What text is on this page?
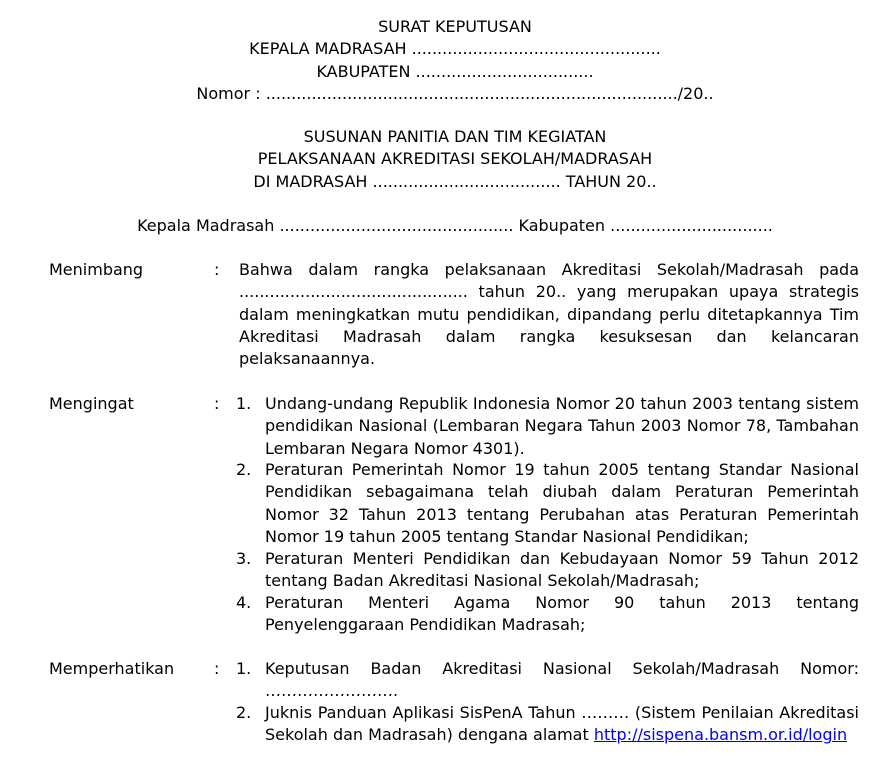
SURAT KEPUTUSAN
KEPALA MADRASAH .................................................
KABUPATEN ...................................
Nomor : ................................................................................./20..
SUSUNAN PANITIA DAN TIM KEGIATAN
PELAKSANAAN AKREDITASI SEKOLAH/MADRASAH
DI MADRASAH ..................................... TAHUN 20..
Kepala Madrasah .............................................. Kabupaten ................................
Menimbang	: Bahwa dalam rangka pelaksanaan Akreditasi Sekolah/Madrasah pada ............................................. tahun 20.. yang merupakan upaya strategis dalam meningkatkan mutu pendidikan, dipandang perlu ditetapkannya Tim Akreditasi Madrasah dalam rangka kesuksesan dan kelancaran pelaksanaannya.
Mengingat	: 1. Undang-undang Republik Indonesia Nomor 20 tahun 2003 tentang sistem pendidikan Nasional (Lembaran Negara Tahun 2003 Nomor 78, Tambahan Lembaran Negara Nomor 4301).
2. Peraturan Pemerintah Nomor 19 tahun 2005 tentang Standar Nasional Pendidikan sebagaimana telah diubah dalam Peraturan Pemerintah Nomor 32 Tahun 2013 tentang Perubahan atas Peraturan Pemerintah Nomor 19 tahun 2005 tentang Standar Nasional Pendidikan;
3. Peraturan Menteri Pendidikan dan Kebudayaan Nomor 59 Tahun 2012 tentang Badan Akreditasi Nasional Sekolah/Madrasah;
4. Peraturan Menteri Agama Nomor 90 tahun 2013 tentang Penyelenggaraan Pendidikan Madrasah;
Memperhatikan : 1. Keputusan Badan Akreditasi Nasional Sekolah/Madrasah Nomor: …………………….
2. Juknis Panduan Aplikasi SisPenA Tahun ……… (Sistem Penilaian Akreditasi Sekolah dan Madrasah) dengana alamat http://sispena.bansm.or.id/login
